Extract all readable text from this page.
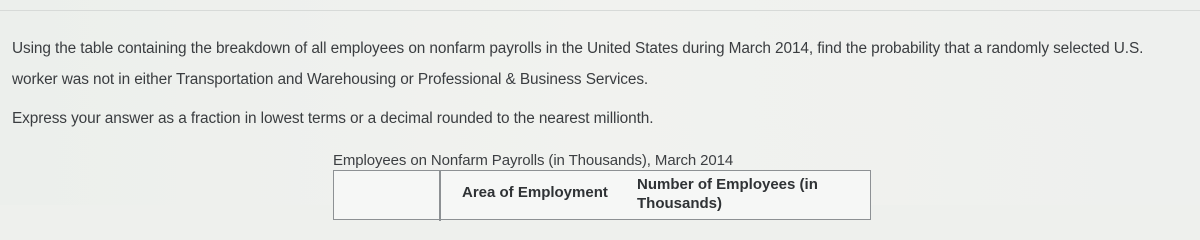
Using the table containing the breakdown of all employees on nonfarm payrolls in the United States during March 2014, find the probability that a randomly selected U.S. worker was not in either Transportation and Warehousing or Professional & Business Services.
Express your answer as a fraction in lowest terms or a decimal rounded to the nearest millionth.
Employees on Nonfarm Payrolls (in Thousands), March 2014
Area of Employment Number of Employees (in
Thousands)
